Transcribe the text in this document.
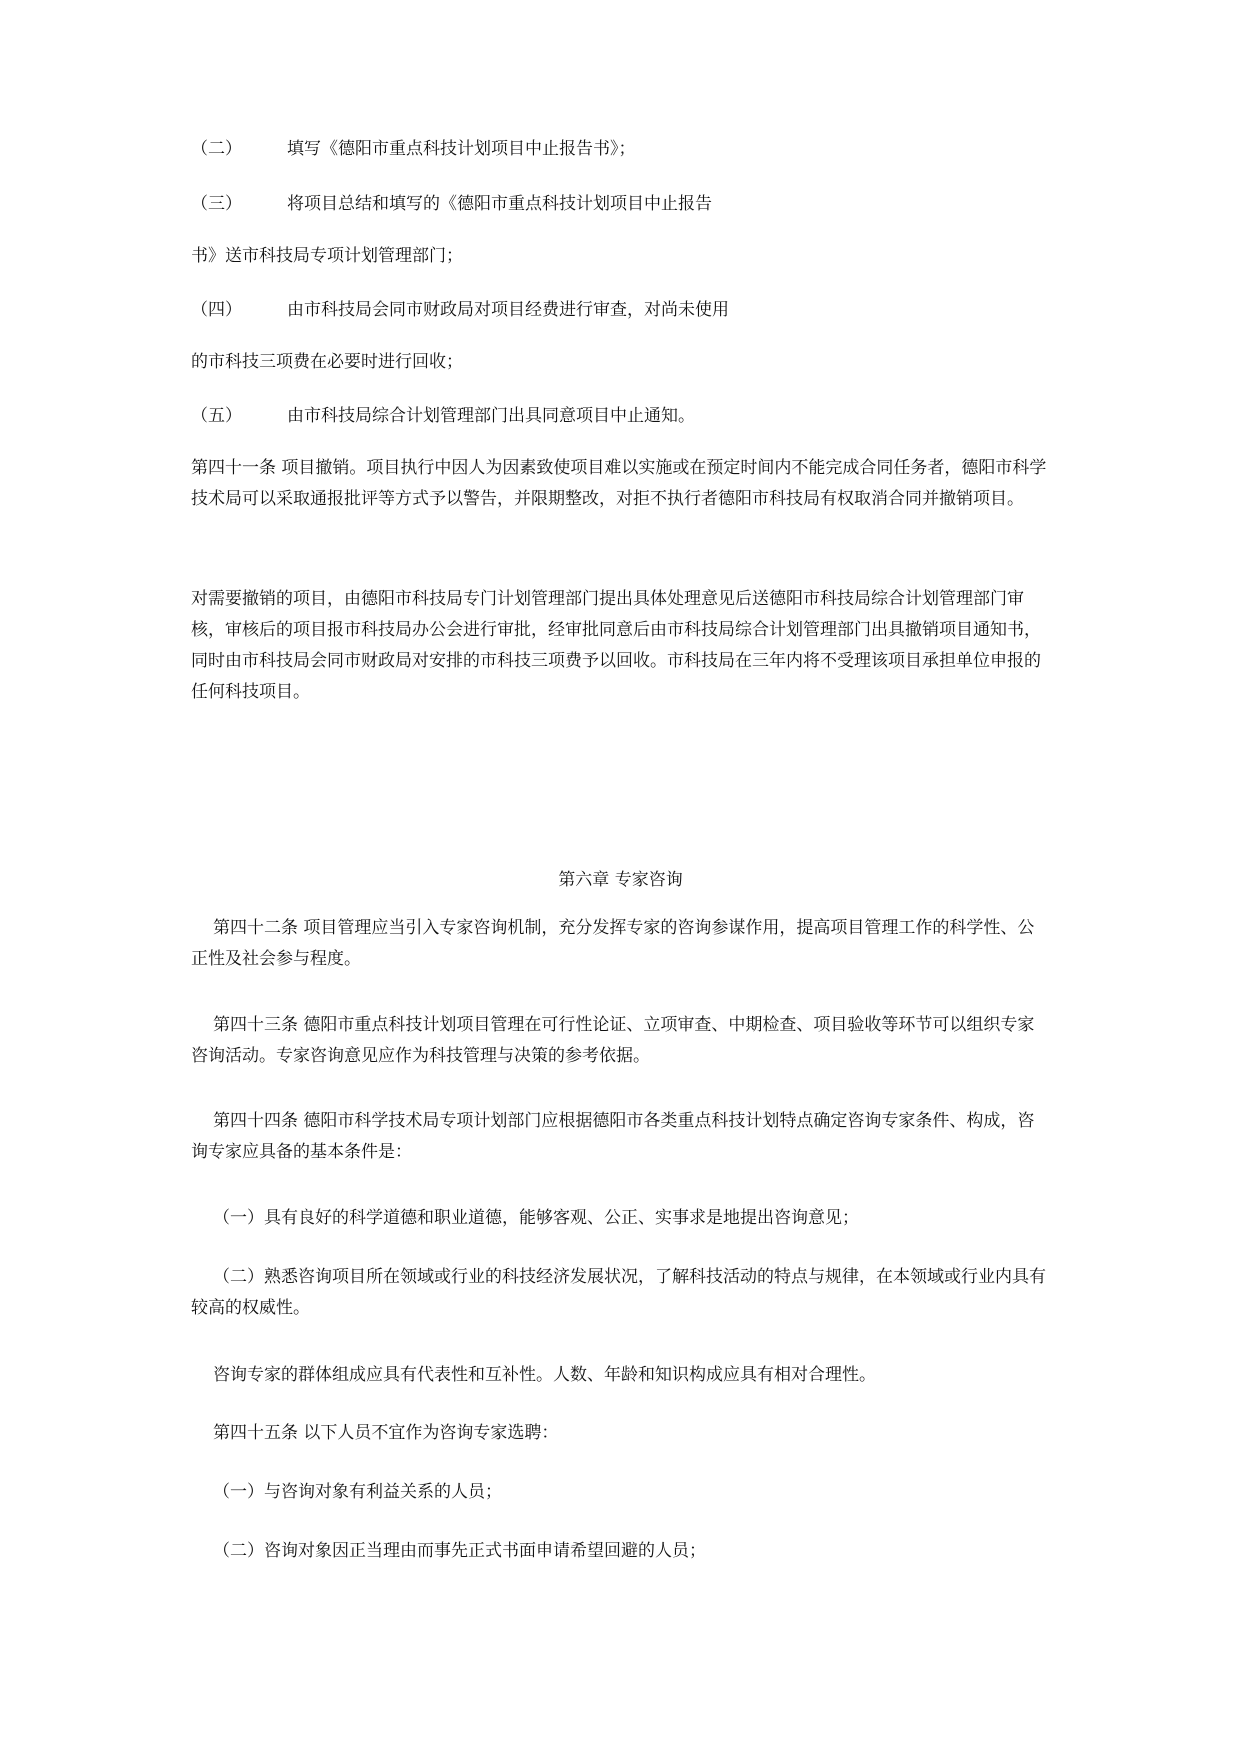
（二）	填写《德阳市重点科技计划项目中止报告书》；
（三）	将项目总结和填写的《德阳市重点科技计划项目中止报告
书》送市科技局专项计划管理部门；
（四）	由市科技局会同市财政局对项目经费进行审查，对尚未使用
的市科技三项费在必要时进行回收；
（五）	由市科技局综合计划管理部门出具同意项目中止通知。
第四十一条 项目撤销。项目执行中因人为因素致使项目难以实施或在预定时间内不能完成合同任务者，德阳市科学技术局可以采取通报批评等方式予以警告，并限期整改，对拒不执行者德阳市科技局有权取消合同并撤销项目。
对需要撤销的项目，由德阳市科技局专门计划管理部门提出具体处理意见后送德阳市科技局综合计划管理部门审核，审核后的项目报市科技局办公会进行审批，经审批同意后由市科技局综合计划管理部门出具撤销项目通知书，同时由市科技局会同市财政局对安排的市科技三项费予以回收。市科技局在三年内将不受理该项目承担单位申报的任何科技项目。
第六章 专家咨询
第四十二条 项目管理应当引入专家咨询机制，充分发挥专家的咨询参谋作用，提高项目管理工作的科学性、公正性及社会参与程度。
第四十三条 德阳市重点科技计划项目管理在可行性论证、立项审查、中期检查、项目验收等环节可以组织专家咨询活动。专家咨询意见应作为科技管理与决策的参考依据。
第四十四条 德阳市科学技术局专项计划部门应根据德阳市各类重点科技计划特点确定咨询专家条件、构成，咨询专家应具备的基本条件是：
（一）具有良好的科学道德和职业道德，能够客观、公正、实事求是地提出咨询意见；
（二）熟悉咨询项目所在领域或行业的科技经济发展状况，了解科技活动的特点与规律，在本领域或行业内具有较高的权威性。
咨询专家的群体组成应具有代表性和互补性。人数、年龄和知识构成应具有相对合理性。
第四十五条 以下人员不宜作为咨询专家选聘：
（一）与咨询对象有利益关系的人员；
（二）咨询对象因正当理由而事先正式书面申请希望回避的人员；
